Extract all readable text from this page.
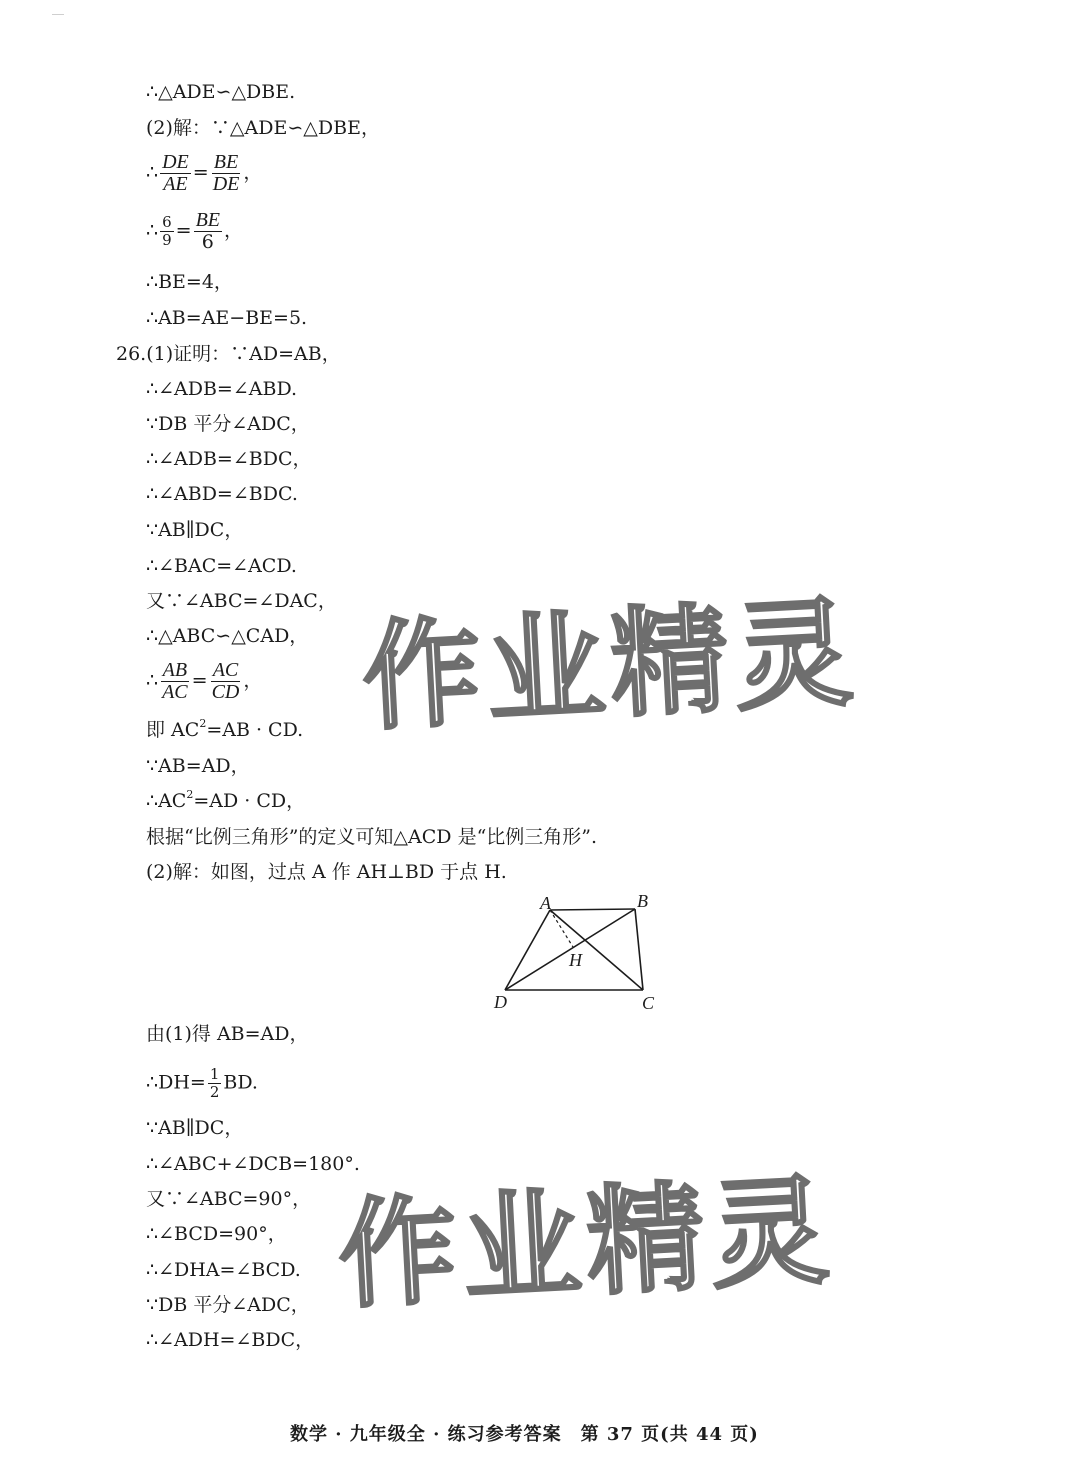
作业精灵
作业精灵
∴△ADE∽△DBE.
(2)解：∵△ADE∽△DBE，
∴ $\frac{DE}{AE} = \frac{BE}{DE}$ ，
∴ $\frac{6}{9} = \frac{BE}{6}$ ，
∴BE=4，
∴AB=AE−BE=5.
26.(1)证明：∵AD=AB，
∴∠ADB=∠ABD.
∵DB 平分∠ADC，
∴∠ADB=∠BDC，
∴∠ABD=∠BDC.
∵AB∥DC，
∴∠BAC=∠ACD.
又∵∠ABC=∠DAC，
∴△ABC∽△CAD，
∴ $\frac{AB}{AC} = \frac{AC}{CD}$ ，
即 $AC^2=AB$ · CD.
∵AB=AD，
$\therefore AC^2=AD$ · CD，
根据“比例三角形”的定义可知△ACD 是“比例三角形”.
(2)解：如图，过点 A 作 AH⊥BD 于点 H.
A	B
C
D
H
由(1)得 AB=AD，
∴DH= $\frac{1}{2}$ BD.
∵AB∥DC，
∴∠ABC+∠DCB=180°.
又∵∠ABC=90°，
∴∠BCD=90°，
∴∠DHA=∠BCD.
∵DB 平分∠ADC，
∴∠ADH=∠BDC，
数学 · 九年级全 · 练习参考答案　第 37 页(共 44 页)
